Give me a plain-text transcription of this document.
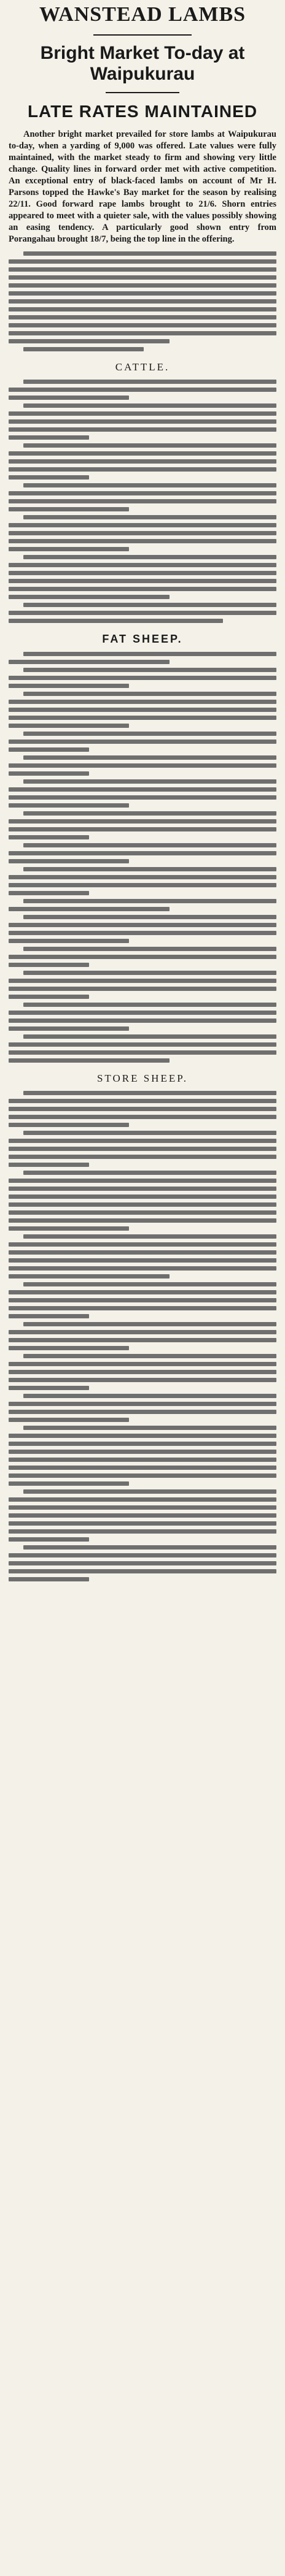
WANSTEAD LAMBS
Bright Market To-day at Waipukurau
LATE RATES MAINTAINED

Another bright market prevailed for store lambs at Waipukurau to-day, when a yarding of 9,000 was offered. Late values were fully maintained, with the market steady to firm and showing very little change. Quality lines in forward order met with active competition. An exceptional entry of black-faced lambs on account of Mr H. Parsons topped the Hawke's Bay market for the season by realising 22/11. Good forward rape lambs brought to 21/6. Shorn entries appeared to meet with a quieter sale, with the values possibly showing an easing tendency. A particularly good shown entry from Porangahau brought 18/7, being the top line in the offering.

CATTLE.
FAT SHEEP.
STORE SHEEP.
